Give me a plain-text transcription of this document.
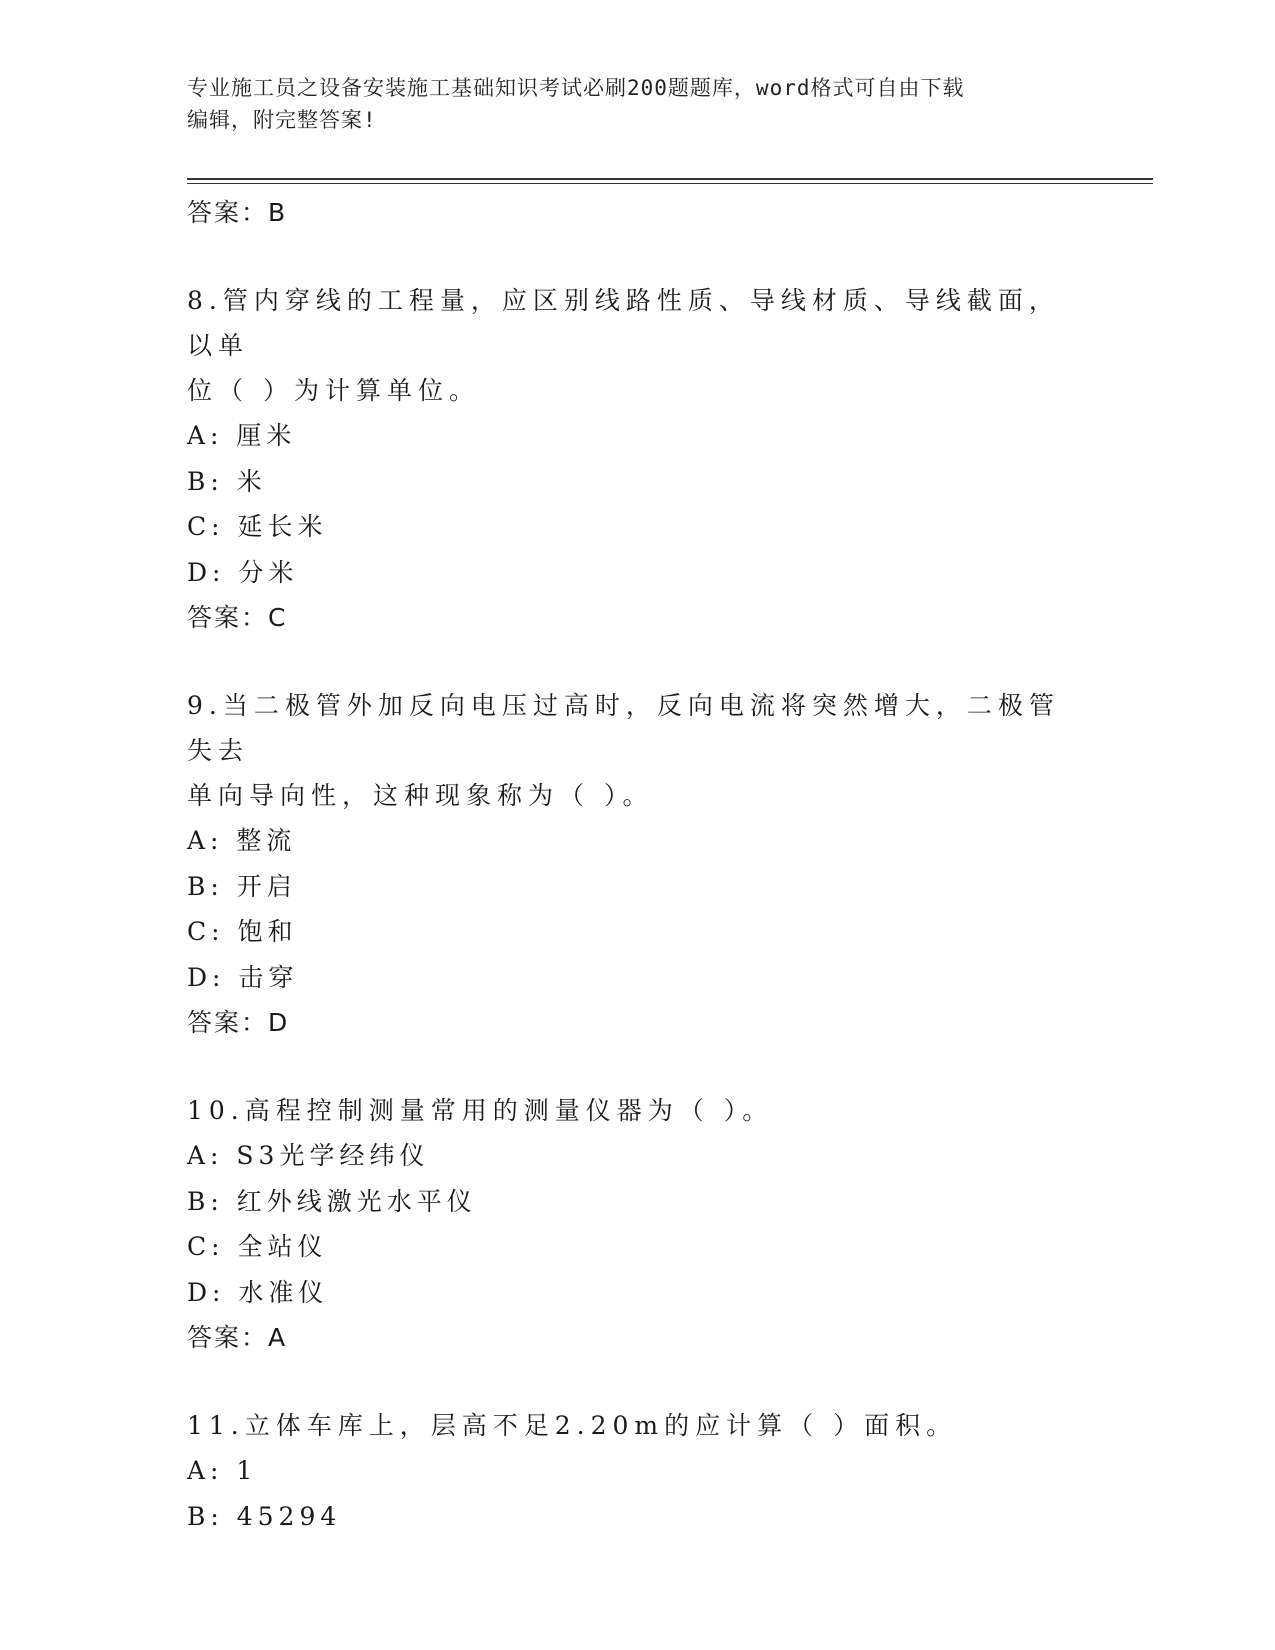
专业施工员之设备安装施工基础知识考试必刷200题题库，word格式可自由下载
编辑，附完整答案!
答案：B
8.管内穿线的工程量，应区别线路性质、导线材质、导线截面，以单
位（ ）为计算单位。
A: 厘米
B: 米
C: 延长米
D: 分米
答案：C
9.当二极管外加反向电压过高时，反向电流将突然增大，二极管失去
单向导向性，这种现象称为（ ）。
A: 整流
B: 开启
C: 饱和
D: 击穿
答案：D
10.高程控制测量常用的测量仪器为（ ）。
A: S3光学经纬仪
B: 红外线激光水平仪
C: 全站仪
D: 水准仪
答案：A
11.立体车库上，层高不足2.20m的应计算（ ）面积。
A: 1
B: 45294
